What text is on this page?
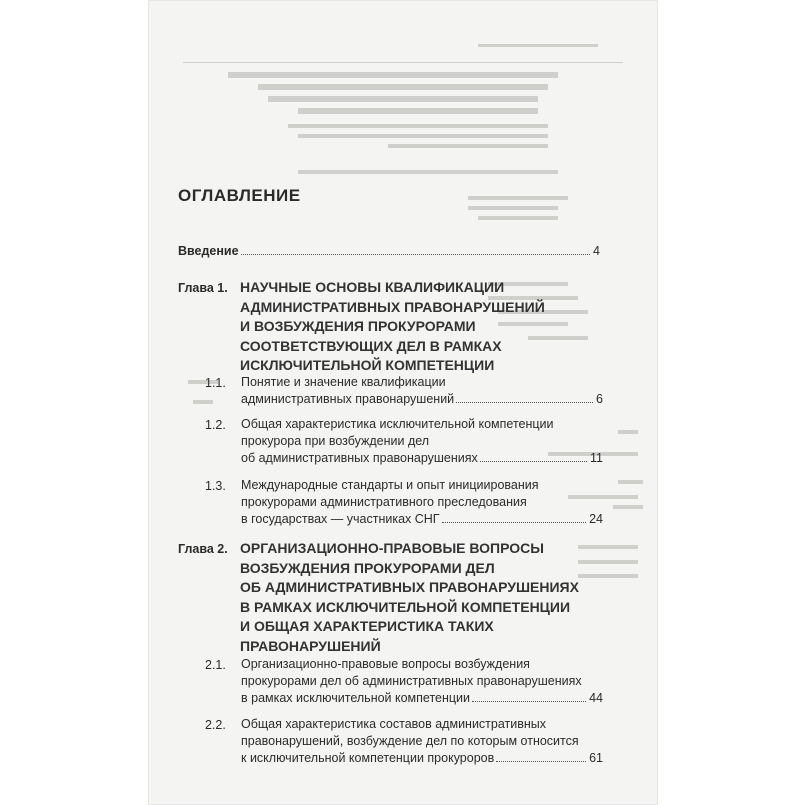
ОГЛАВЛЕНИЕ
Введение	4
Глава 1. НАУЧНЫЕ ОСНОВЫ КВАЛИФИКАЦИИ
АДМИНИСТРАТИВНЫХ ПРАВОНАРУШЕНИЙ
И ВОЗБУЖДЕНИЯ ПРОКУРОРАМИ
СООТВЕТСТВУЮЩИХ ДЕЛ В РАМКАХ
ИСКЛЮЧИТЕЛЬНОЙ КОМПЕТЕНЦИИ
1.1. Понятие и значение квалификации
административных правонарушений	6
1.2. Общая характеристика исключительной компетенции
прокурора при возбуждении дел
об административных правонарушениях	11
1.3. Международные стандарты и опыт инициирования
прокурорами административного преследования
в государствах — участниках СНГ	24
Глава 2. ОРГАНИЗАЦИОННО-ПРАВОВЫЕ ВОПРОСЫ
ВОЗБУЖДЕНИЯ ПРОКУРОРАМИ ДЕЛ
ОБ АДМИНИСТРАТИВНЫХ ПРАВОНАРУШЕНИЯХ
В РАМКАХ ИСКЛЮЧИТЕЛЬНОЙ КОМПЕТЕНЦИИ
И ОБЩАЯ ХАРАКТЕРИСТИКА ТАКИХ
ПРАВОНАРУШЕНИЙ
2.1. Организационно-правовые вопросы возбуждения
прокурорами дел об административных правонарушениях
в рамках исключительной компетенции	44
2.2. Общая характеристика составов административных
правонарушений, возбуждение дел по которым относится
к исключительной компетенции прокуроров	61
